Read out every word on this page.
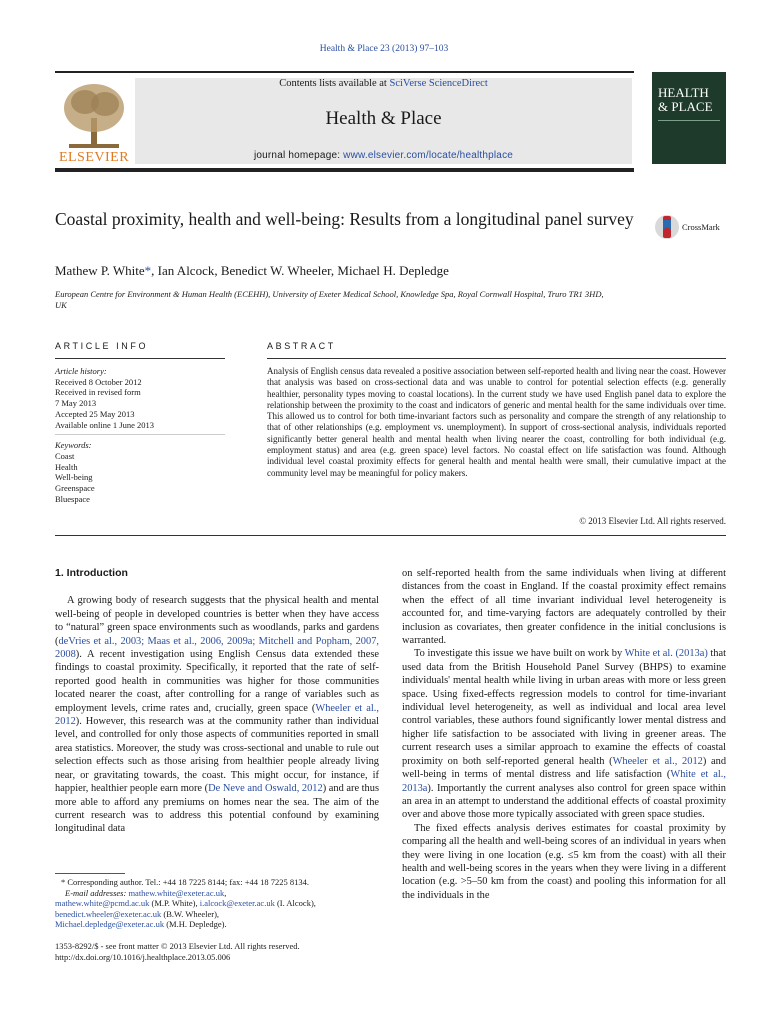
Health & Place 23 (2013) 97–103
ELSEVIER
Contents lists available at SciVerse ScienceDirect
Health & Place
journal homepage: www.elsevier.com/locate/healthplace
HEALTH
& PLACE
Coastal proximity, health and well-being: Results from a longitudinal panel survey	CrossMark
Mathew P. White*, Ian Alcock, Benedict W. Wheeler, Michael H. Depledge
European Centre for Environment & Human Health (ECEHH), University of Exeter Medical School, Knowledge Spa, Royal Cornwall Hospital, Truro TR1 3HD, UK
ARTICLE INFO	ABSTRACT
Article history:
Received 8 October 2012
Received in revised form
7 May 2013
Accepted 25 May 2013
Available online 1 June 2013
Keywords:
Coast
Health
Well-being
Greenspace
Bluespace
Analysis of English census data revealed a positive association between self-reported health and living near the coast. However that analysis was based on cross-sectional data and was unable to control for potential selection effects (e.g. generally healthier, personality types moving to coastal locations). In the current study we have used English panel data to explore the relationship between the proximity to the coast and indicators of generic and mental health for the same individuals over time. This allowed us to control for both time-invariant factors such as personality and compare the strength of any relationship to that of other relationships (e.g. employment vs. unemployment). In support of cross-sectional analysis, individuals reported significantly better general health and mental health when living nearer the coast, controlling for both individual (e.g. employment status) and area (e.g. green space) level factors. No coastal effect on life satisfaction was found. Although individual level coastal proximity effects for general health and mental health were small, their cumulative impact at the community level may be meaningful for policy makers.
© 2013 Elsevier Ltd. All rights reserved.
1. Introduction

A growing body of research suggests that the physical health and mental well-being of people in developed countries is better when they have access to “natural” green space environments such as woodlands, parks and gardens (deVries et al., 2003; Maas et al., 2006, 2009a; Mitchell and Popham, 2007, 2008). A recent investigation using English Census data extended these findings to coastal proximity. Specifically, it reported that the rate of self-reported good health in communities was higher for those communities located nearer the coast, after controlling for a range of variables such as employment levels, crime rates and, crucially, green space (Wheeler et al., 2012). However, this research was at the community rather than individual level, and controlled for only those aspects of communities reported in small area statistics. Moreover, the study was cross-sectional and unable to rule out selection effects such as those arising from healthier people already living near, or gravitating towards, the coast. This might occur, for instance, if happier, healthier people earn more (De Neve and Oswald, 2012) and are thus more able to afford any premiums on homes near the sea. The aim of the current research was to address this potential confound by examining longitudinal data

on self-reported health from the same individuals when living at different distances from the coast in England. If the coastal proximity effect remains when the effect of all time invariant individual level heterogeneity is accounted for, and time-varying factors are adequately controlled by their inclusion as covariates, then greater confidence in the initial conclusions is warranted.

To investigate this issue we have built on work by White et al. (2013a) that used data from the British Household Panel Survey (BHPS) to examine individuals' mental health while living in urban areas with more or less green space. Using fixed-effects regression models to control for time-invariant individual level heterogeneity, as well as individual and local area level control variables, these authors found significantly lower mental distress and higher life satisfaction to be associated with living in greener areas. The current research uses a similar approach to examine the effects of coastal proximity on both self-reported general health (Wheeler et al., 2012) and well-being in terms of mental distress and life satisfaction (White et al., 2013a). Importantly the current analyses also control for green space within an area in an attempt to understand the additional effects of coastal proximity over and above those more typically associated with green space studies.

The fixed effects analysis derives estimates for coastal proximity by comparing all the health and well-being scores of an individual in years when they were living in one location (e.g. ≤5 km from the coast) with all their health and well-being scores in the years when they were living in a different location (e.g. >5–50 km from the coast) and pooling this information for all the individuals in the

* Corresponding author. Tel.: +44 18 7225 8144; fax: +44 18 7225 8134.
E-mail addresses: mathew.white@exeter.ac.uk,
mathew.white@pcmd.ac.uk (M.P. White), i.alcock@exeter.ac.uk (I. Alcock),
benedict.wheeler@exeter.ac.uk (B.W. Wheeler),
Michael.depledge@exeter.ac.uk (M.H. Depledge).
1353-8292/$ - see front matter © 2013 Elsevier Ltd. All rights reserved.
http://dx.doi.org/10.1016/j.healthplace.2013.05.006
